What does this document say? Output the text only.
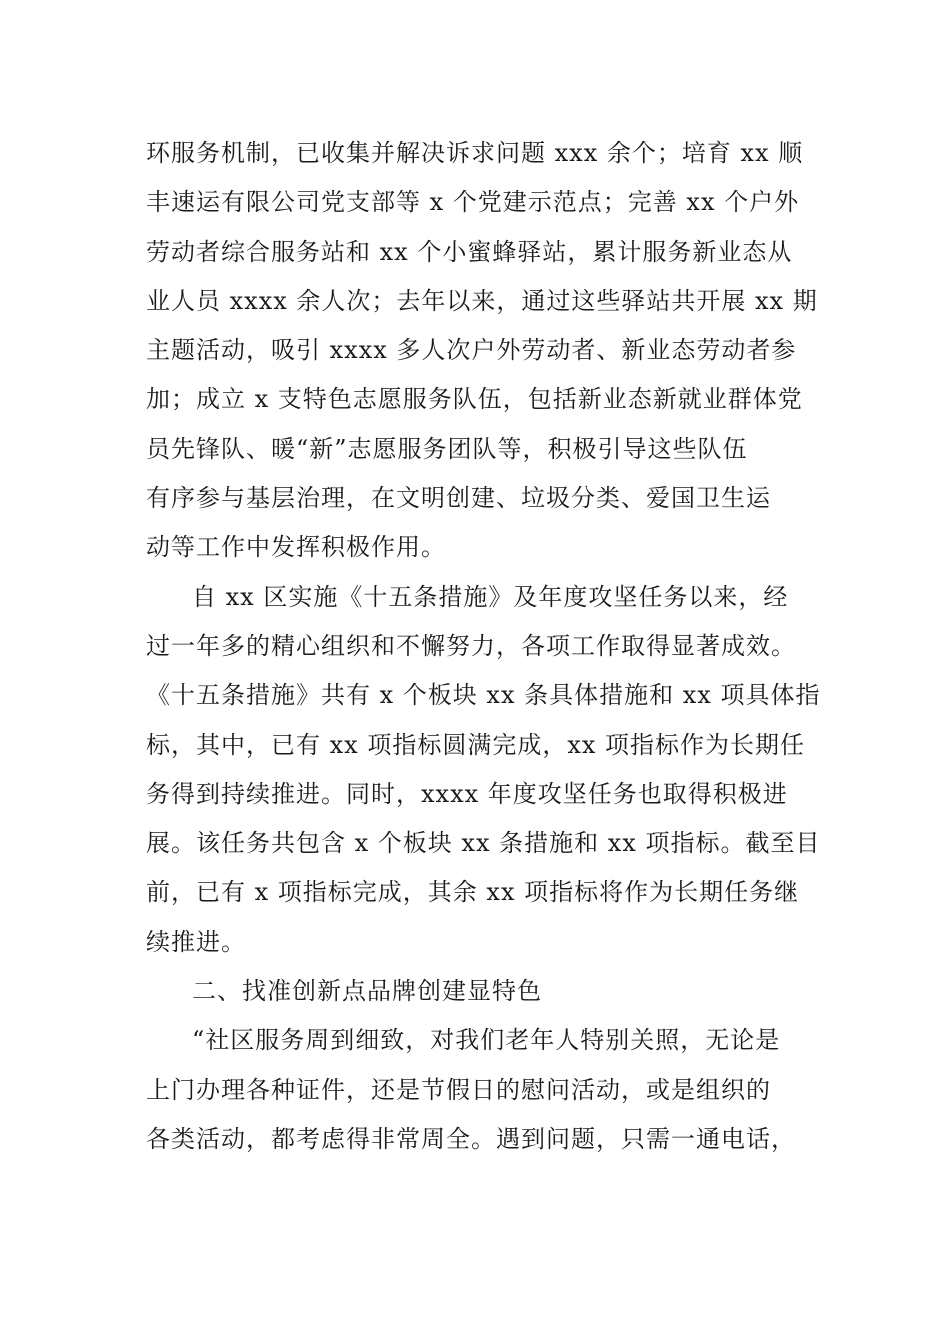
环服务机制，已收集并解决诉求问题 xxx 余个；培育 xx 顺
丰速运有限公司党支部等 x 个党建示范点；完善 xx 个户外
劳动者综合服务站和 xx 个小蜜蜂驿站，累计服务新业态从
业人员 xxxx 余人次；去年以来，通过这些驿站共开展 xx 期
主题活动，吸引 xxxx 多人次户外劳动者、新业态劳动者参
加；成立 x 支特色志愿服务队伍，包括新业态新就业群体党
员先锋队、暖“新”志愿服务团队等，积极引导这些队伍
有序参与基层治理，在文明创建、垃圾分类、爱国卫生运
动等工作中发挥积极作用。
自 xx 区实施《十五条措施》及年度攻坚任务以来，经
过一年多的精心组织和不懈努力，各项工作取得显著成效。
《十五条措施》共有 x 个板块 xx 条具体措施和 xx 项具体指
标，其中，已有 xx 项指标圆满完成，xx 项指标作为长期任
务得到持续推进。同时，xxxx 年度攻坚任务也取得积极进
展。该任务共包含 x 个板块 xx 条措施和 xx 项指标。截至目
前，已有 x 项指标完成，其余 xx 项指标将作为长期任务继
续推进。
二、找准创新点品牌创建显特色
“社区服务周到细致，对我们老年人特别关照，无论是
上门办理各种证件，还是节假日的慰问活动，或是组织的
各类活动，都考虑得非常周全。遇到问题，只需一通电话，
